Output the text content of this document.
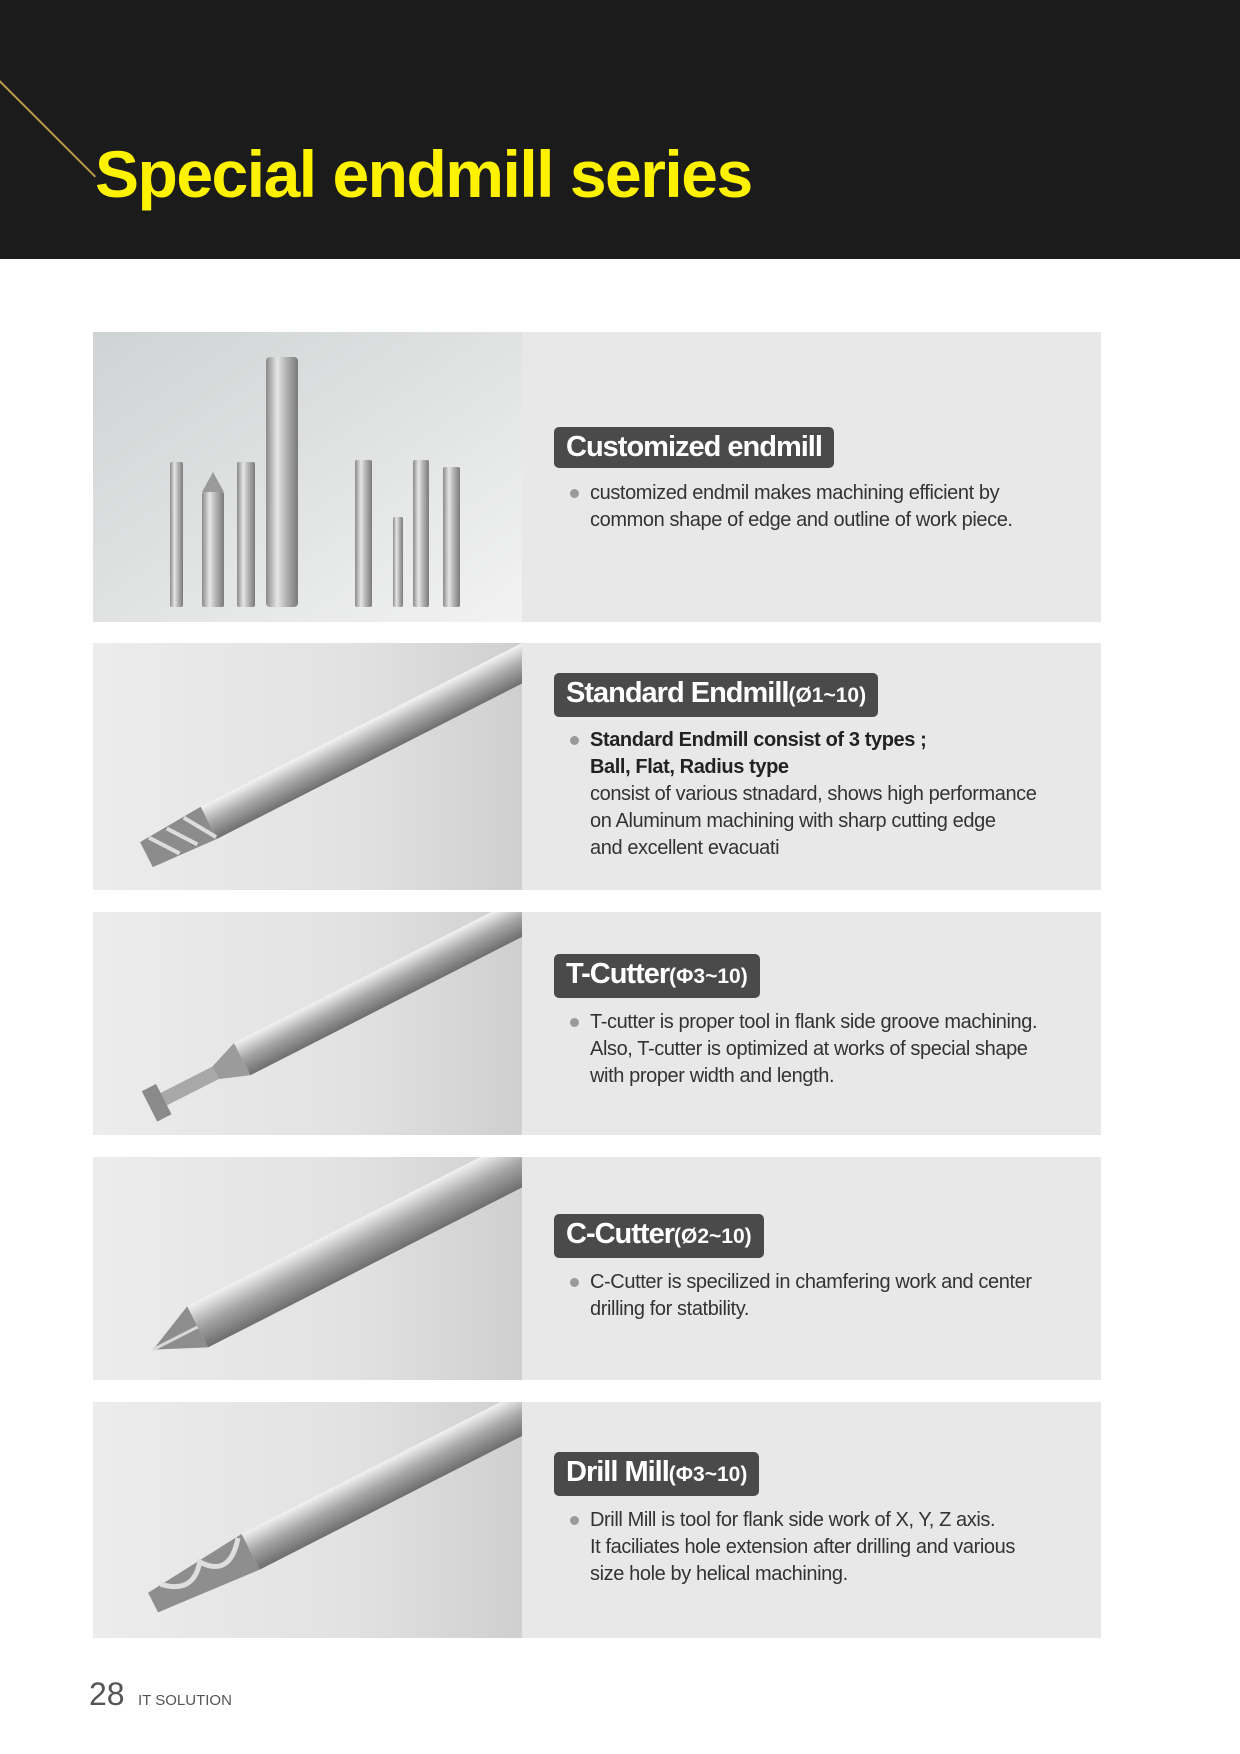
Special endmill series
Customized endmill
customized endmil makes machining efficient by
common shape of edge and outline of work piece.
Standard Endmill(Ø1~10)
Standard Endmill consist of 3 types ;
Ball, Flat, Radius type
consist of various stnadard, shows high performance
on Aluminum machining with sharp cutting edge
and excellent evacuati
T-Cutter(Φ3~10)
T-cutter is proper tool in flank side groove machining.
Also, T-cutter is optimized at works of special shape
with proper width and length.
C-Cutter(Ø2~10)
C-Cutter is specilized in chamfering work and center
drilling for statbility.
Drill Mill(Φ3~10)
Drill Mill is tool for flank side work of X, Y, Z axis.
It faciliates hole extension after drilling and various
size hole by helical machining.

28 IT SOLUTION
